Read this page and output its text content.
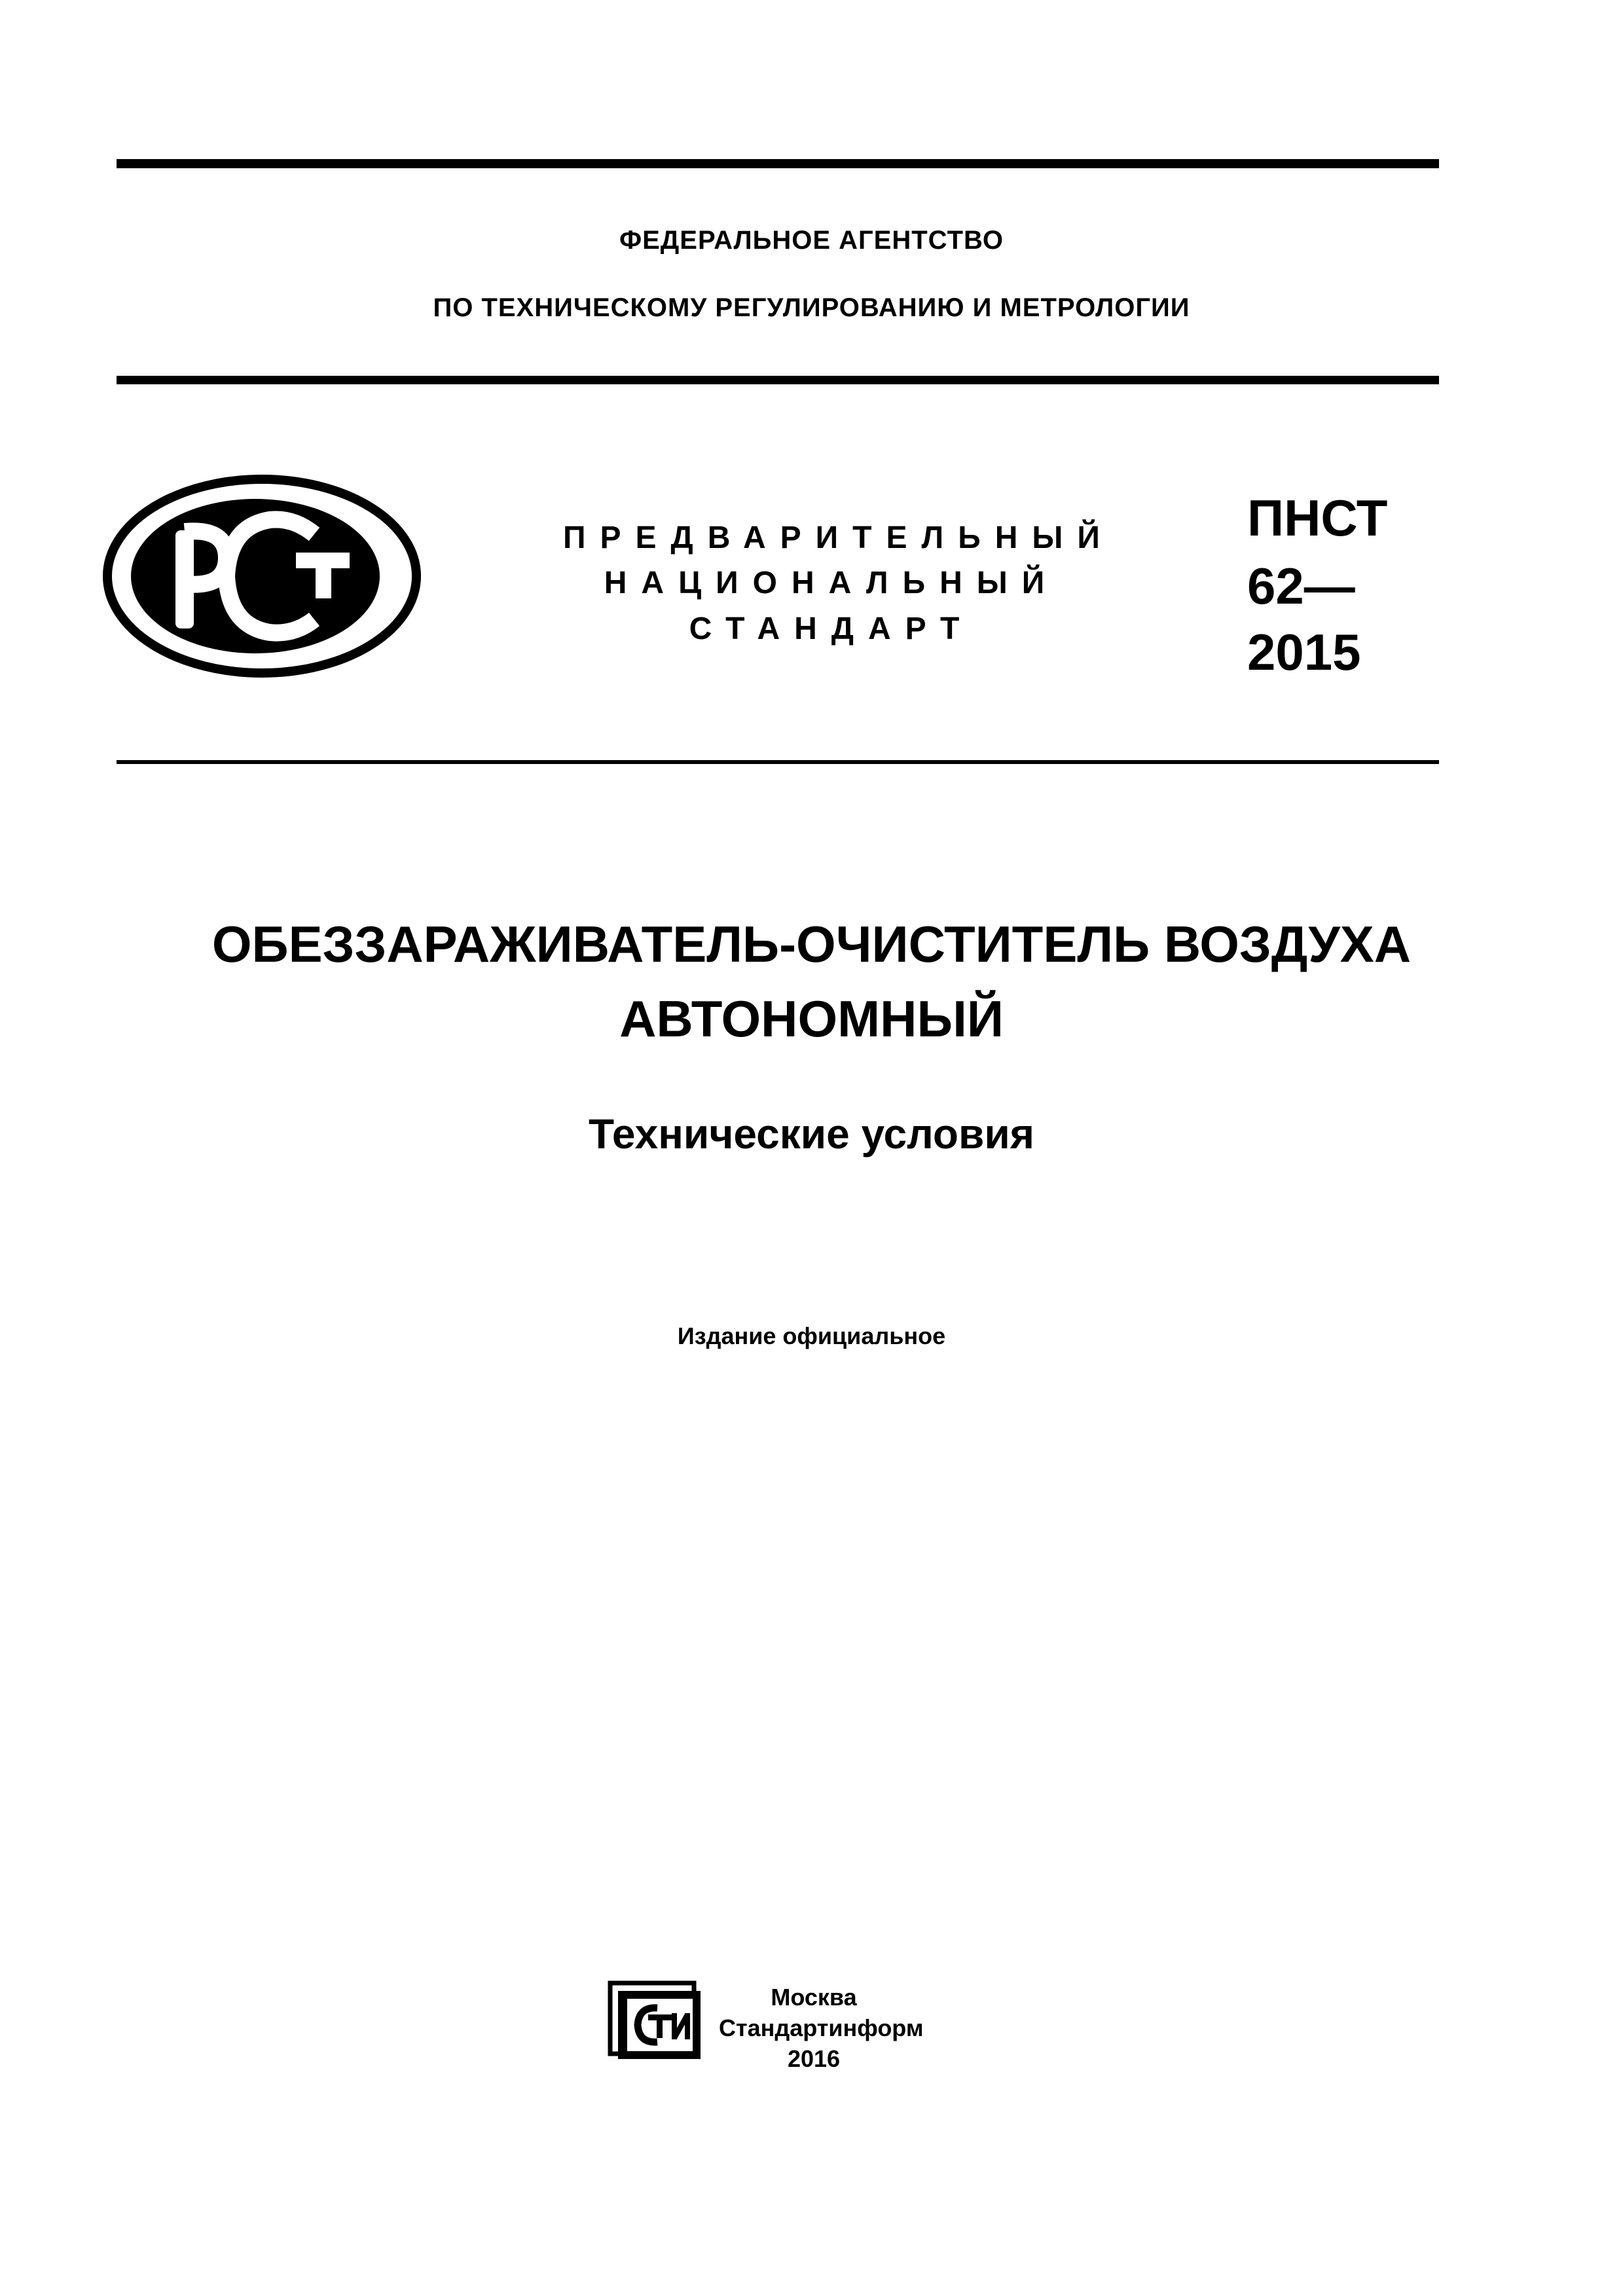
ФЕДЕРАЛЬНОЕ АГЕНТСТВО
ПО ТЕХНИЧЕСКОМУ РЕГУЛИРОВАНИЮ И МЕТРОЛОГИИ
ПРЕДВАРИТЕЛЬНЫЙ
НАЦИОНАЛЬНЫЙ
СТАНДАРТ
ПНСТ
62—
2015
ОБЕЗЗАРАЖИВАТЕЛЬ-ОЧИСТИТЕЛЬ ВОЗДУХА
АВТОНОМНЫЙ
Технические условия
Издание официальное
Москва
Стандартинформ
2016
